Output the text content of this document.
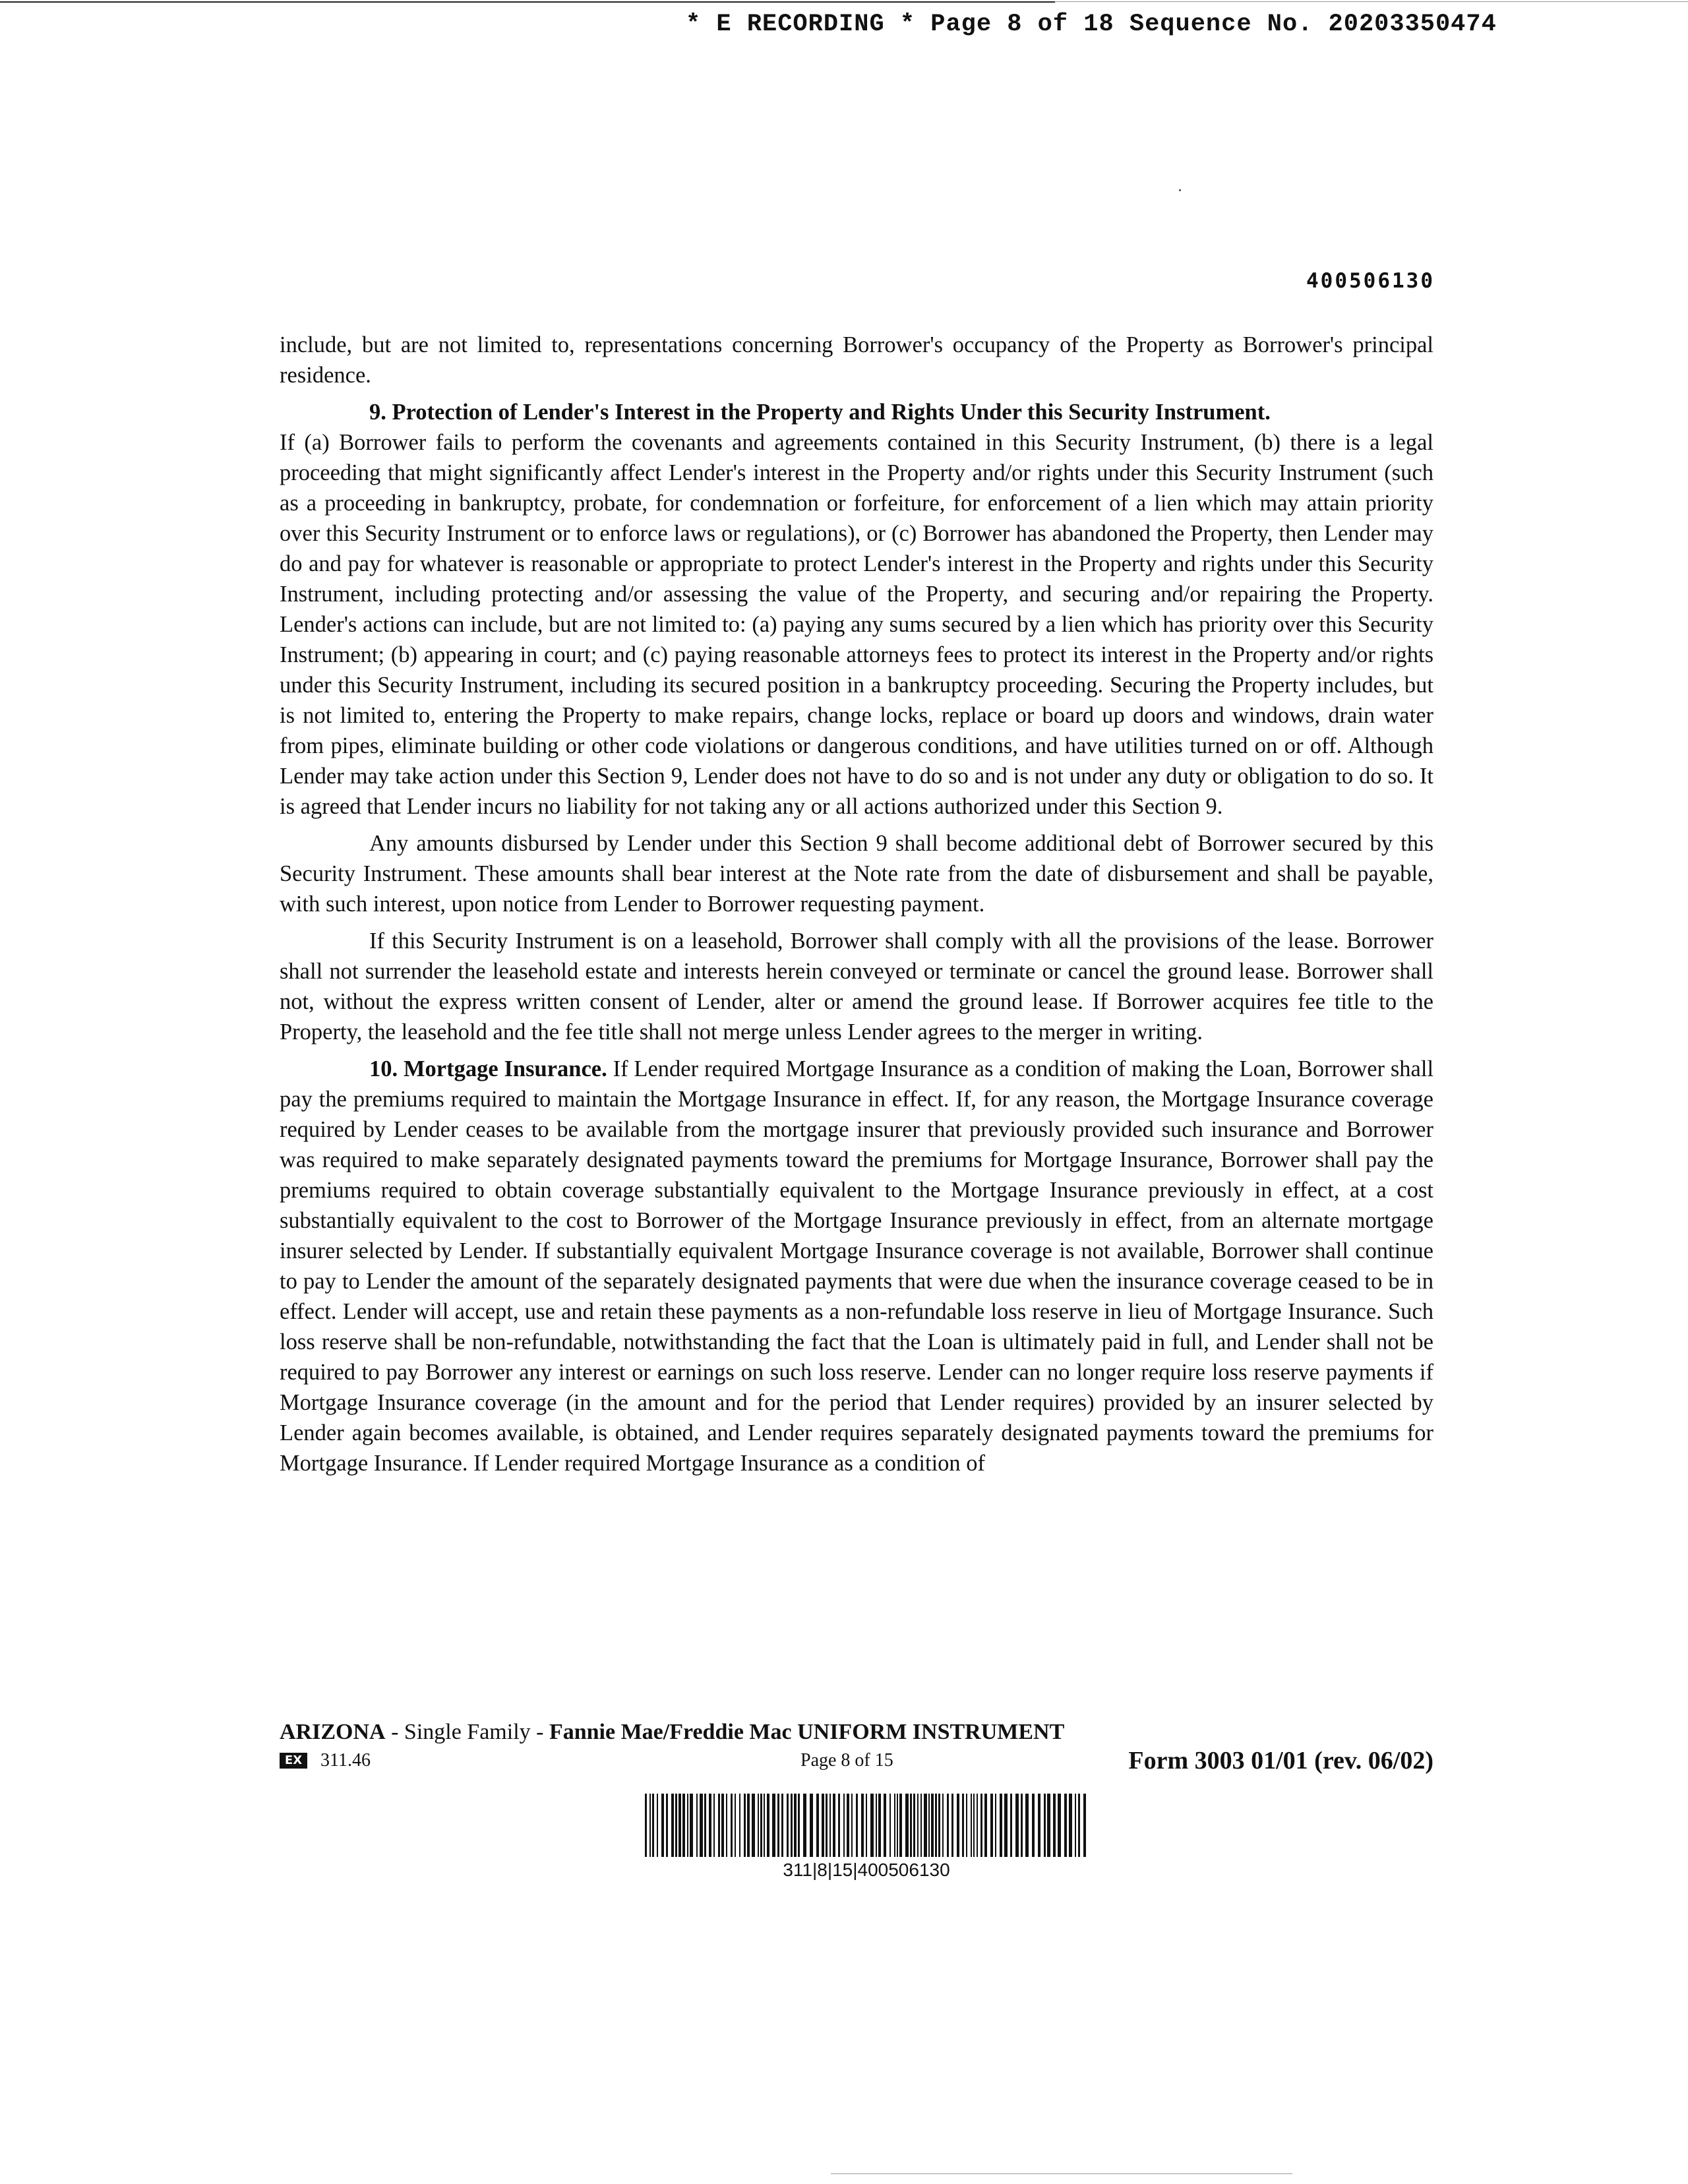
* E RECORDING * Page 8 of 18 Sequence No. 20203350474
400506130

include, but are not limited to, representations concerning Borrower's occupancy of the Property as Borrower's principal residence.

9. Protection of Lender's Interest in the Property and Rights Under this Security Instrument.
If (a) Borrower fails to perform the covenants and agreements contained in this Security Instrument, (b) there is a legal proceeding that might significantly affect Lender's interest in the Property and/or rights under this Security Instrument (such as a proceeding in bankruptcy, probate, for condemnation or forfeiture, for enforcement of a lien which may attain priority over this Security Instrument or to enforce laws or regulations), or (c) Borrower has abandoned the Property, then Lender may do and pay for whatever is reasonable or appropriate to protect Lender's interest in the Property and rights under this Security Instrument, including protecting and/or assessing the value of the Property, and securing and/or repairing the Property. Lender's actions can include, but are not limited to: (a) paying any sums secured by a lien which has priority over this Security Instrument; (b) appearing in court; and (c) paying reasonable attorneys fees to protect its interest in the Property and/or rights under this Security Instrument, including its secured position in a bankruptcy proceeding. Securing the Property includes, but is not limited to, entering the Property to make repairs, change locks, replace or board up doors and windows, drain water from pipes, eliminate building or other code violations or dangerous conditions, and have utilities turned on or off. Although Lender may take action under this Section 9, Lender does not have to do so and is not under any duty or obligation to do so. It is agreed that Lender incurs no liability for not taking any or all actions authorized under this Section 9.

Any amounts disbursed by Lender under this Section 9 shall become additional debt of Borrower secured by this Security Instrument. These amounts shall bear interest at the Note rate from the date of disbursement and shall be payable, with such interest, upon notice from Lender to Borrower requesting payment.

If this Security Instrument is on a leasehold, Borrower shall comply with all the provisions of the lease. Borrower shall not surrender the leasehold estate and interests herein conveyed or terminate or cancel the ground lease. Borrower shall not, without the express written consent of Lender, alter or amend the ground lease. If Borrower acquires fee title to the Property, the leasehold and the fee title shall not merge unless Lender agrees to the merger in writing.

10. Mortgage Insurance. If Lender required Mortgage Insurance as a condition of making the Loan, Borrower shall pay the premiums required to maintain the Mortgage Insurance in effect. If, for any reason, the Mortgage Insurance coverage required by Lender ceases to be available from the mortgage insurer that previously provided such insurance and Borrower was required to make separately designated payments toward the premiums for Mortgage Insurance, Borrower shall pay the premiums required to obtain coverage substantially equivalent to the Mortgage Insurance previously in effect, at a cost substantially equivalent to the cost to Borrower of the Mortgage Insurance previously in effect, from an alternate mortgage insurer selected by Lender. If substantially equivalent Mortgage Insurance coverage is not available, Borrower shall continue to pay to Lender the amount of the separately designated payments that were due when the insurance coverage ceased to be in effect. Lender will accept, use and retain these payments as a non-refundable loss reserve in lieu of Mortgage Insurance. Such loss reserve shall be non-refundable, notwithstanding the fact that the Loan is ultimately paid in full, and Lender shall not be required to pay Borrower any interest or earnings on such loss reserve. Lender can no longer require loss reserve payments if Mortgage Insurance coverage (in the amount and for the period that Lender requires) provided by an insurer selected by Lender again becomes available, is obtained, and Lender requires separately designated payments toward the premiums for Mortgage Insurance. If Lender required Mortgage Insurance as a condition of

ARIZONA - Single Family - Fannie Mae/Freddie Mac UNIFORM INSTRUMENT
EX 311.46	Page 8 of 15	Form 3003 01/01 (rev. 06/02)
311|8|15|400506130
